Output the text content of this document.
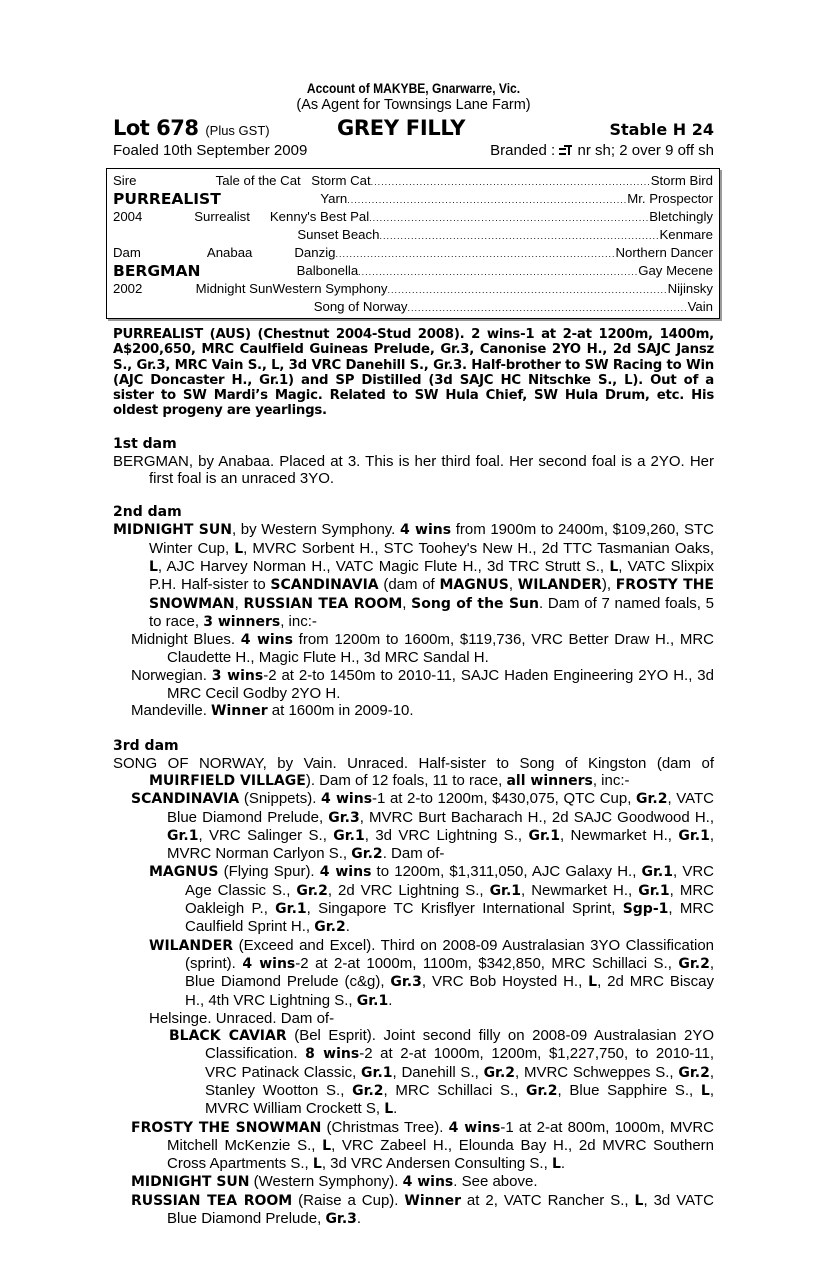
Account of MAKYBE, Gnarwarre, Vic.
(As Agent for Townsings Lane Farm)
Lot 678 (Plus GST)	GREY FILLY	Stable H 24
Foaled 10th September 2009	Branded : nr sh; 2 over 9 off sh
Sire	Tale of the Cat Storm Cat ................................................................................ Storm Bird
PURREALIST	Yarn ................................................................................ Mr. Prospector
2004	Surrealist	Kenny's Best Pal ................................................................................ Bletchingly
Sunset Beach ................................................................................ Kenmare
Dam	Anabaa	Danzig ................................................................................ Northern Dancer
BERGMAN	Balbonella ................................................................................ Gay Mecene
2002	Midnight Sun Western Symphony ................................................................................ Nijinsky
Song of Norway ................................................................................ Vain
PURREALIST (AUS) (Chestnut 2004-Stud 2008). 2 wins-1 at 2-at 1200m, 1400m, A$200,650, MRC Caulfield Guineas Prelude, Gr.3, Canonise 2YO H., 2d SAJC Jansz S., Gr.3, MRC Vain S., L, 3d VRC Danehill S., Gr.3. Half-brother to SW Racing to Win (AJC Doncaster H., Gr.1) and SP Distilled (3d SAJC HC Nitschke S., L). Out of a sister to SW Mardi’s Magic. Related to SW Hula Chief, SW Hula Drum, etc. His oldest progeny are yearlings.
1st dam
BERGMAN, by Anabaa. Placed at 3. This is her third foal. Her second foal is a 2YO. Her first foal is an unraced 3YO.
2nd dam
MIDNIGHT SUN, by Western Symphony. 4 wins from 1900m to 2400m, $109,260, STC Winter Cup, L, MVRC Sorbent H., STC Toohey's New H., 2d TTC Tasmanian Oaks, L, AJC Harvey Norman H., VATC Magic Flute H., 3d TRC Strutt S., L, VATC Slixpix P.H. Half-sister to SCANDINAVIA (dam of MAGNUS, WILANDER), FROSTY THE SNOWMAN, RUSSIAN TEA ROOM, Song of the Sun. Dam of 7 named foals, 5 to race, 3 winners, inc:-
Midnight Blues. 4 wins from 1200m to 1600m, $119,736, VRC Better Draw H., MRC Claudette H., Magic Flute H., 3d MRC Sandal H.
Norwegian. 3 wins-2 at 2-to 1450m to 2010-11, SAJC Haden Engineering 2YO H., 3d MRC Cecil Godby 2YO H.
Mandeville. Winner at 1600m in 2009-10.
3rd dam
SONG OF NORWAY, by Vain. Unraced. Half-sister to Song of Kingston (dam of MUIRFIELD VILLAGE). Dam of 12 foals, 11 to race, all winners, inc:-
SCANDINAVIA (Snippets). 4 wins-1 at 2-to 1200m, $430,075, QTC Cup, Gr.2, VATC Blue Diamond Prelude, Gr.3, MVRC Burt Bacharach H., 2d SAJC Goodwood H., Gr.1, VRC Salinger S., Gr.1, 3d VRC Lightning S., Gr.1, Newmarket H., Gr.1, MVRC Norman Carlyon S., Gr.2. Dam of-
MAGNUS (Flying Spur). 4 wins to 1200m, $1,311,050, AJC Galaxy H., Gr.1, VRC Age Classic S., Gr.2, 2d VRC Lightning S., Gr.1, Newmarket H., Gr.1, MRC Oakleigh P., Gr.1, Singapore TC Krisflyer International Sprint, Sgp-1, MRC Caulfield Sprint H., Gr.2.
WILANDER (Exceed and Excel). Third on 2008-09 Australasian 3YO Classification (sprint). 4 wins-2 at 2-at 1000m, 1100m, $342,850, MRC Schillaci S., Gr.2, Blue Diamond Prelude (c&g), Gr.3, VRC Bob Hoysted H., L, 2d MRC Biscay H., 4th VRC Lightning S., Gr.1.
Helsinge. Unraced. Dam of-
BLACK CAVIAR (Bel Esprit). Joint second filly on 2008-09 Australasian 2YO Classification. 8 wins-2 at 2-at 1000m, 1200m, $1,227,750, to 2010-11, VRC Patinack Classic, Gr.1, Danehill S., Gr.2, MVRC Schweppes S., Gr.2, Stanley Wootton S., Gr.2, MRC Schillaci S., Gr.2, Blue Sapphire S., L, MVRC William Crockett S, L.
FROSTY THE SNOWMAN (Christmas Tree). 4 wins-1 at 2-at 800m, 1000m, MVRC Mitchell McKenzie S., L, VRC Zabeel H., Elounda Bay H., 2d MVRC Southern Cross Apartments S., L, 3d VRC Andersen Consulting S., L.
MIDNIGHT SUN (Western Symphony). 4 wins. See above.
RUSSIAN TEA ROOM (Raise a Cup). Winner at 2, VATC Rancher S., L, 3d VATC Blue Diamond Prelude, Gr.3.
